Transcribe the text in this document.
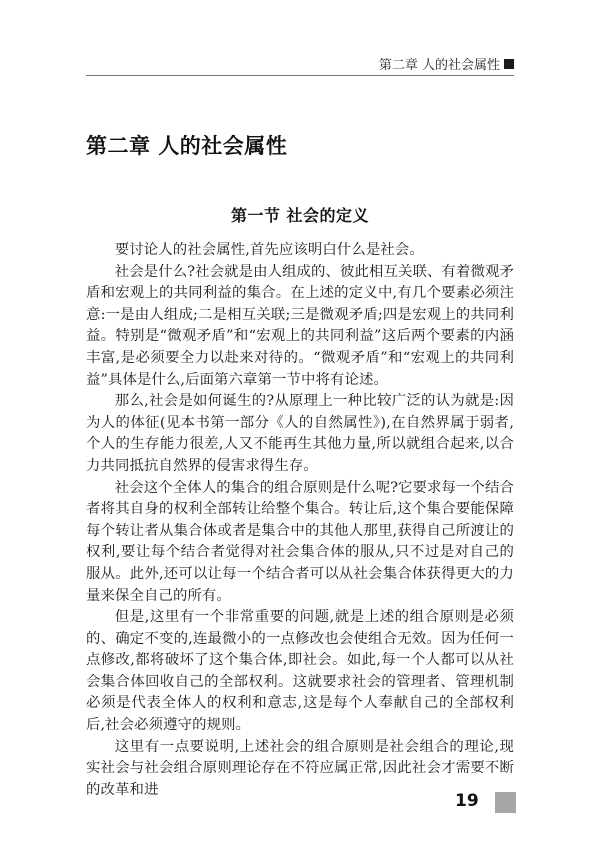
第二章 人的社会属性
第二章 人的社会属性
第一节 社会的定义

要讨论人的社会属性,首先应该明白什么是社会。

社会是什么?社会就是由人组成的、彼此相互关联、有着微观矛盾和宏观上的共同利益的集合。在上述的定义中,有几个要素必须注意:一是由人组成;二是相互关联;三是微观矛盾;四是宏观上的共同利益。特别是“微观矛盾”和“宏观上的共同利益”这后两个要素的内涵丰富,是必须要全力以赴来对待的。“微观矛盾”和“宏观上的共同利益”具体是什么,后面第六章第一节中将有论述。

那么,社会是如何诞生的?从原理上一种比较广泛的认为就是:因为人的体征(见本书第一部分《人的自然属性》),在自然界属于弱者,个人的生存能力很差,人又不能再生其他力量,所以就组合起来,以合力共同抵抗自然界的侵害求得生存。

社会这个全体人的集合的组合原则是什么呢?它要求每一个结合者将其自身的权利全部转让给整个集合。转让后,这个集合要能保障每个转让者从集合体或者是集合中的其他人那里,获得自己所渡让的权利,要让每个结合者觉得对社会集合体的服从,只不过是对自己的服从。此外,还可以让每一个结合者可以从社会集合体获得更大的力量来保全自己的所有。

但是,这里有一个非常重要的问题,就是上述的组合原则是必须的、确定不变的,连最微小的一点修改也会使组合无效。因为任何一点修改,都将破坏了这个集合体,即社会。如此,每一个人都可以从社会集合体回收自己的全部权利。这就要求社会的管理者、管理机制必须是代表全体人的权利和意志,这是每个人奉献自己的全部权利后,社会必须遵守的规则。

这里有一点要说明,上述社会的组合原则是社会组合的理论,现实社会与社会组合原则理论存在不符应属正常,因此社会才需要不断的改革和进

19
